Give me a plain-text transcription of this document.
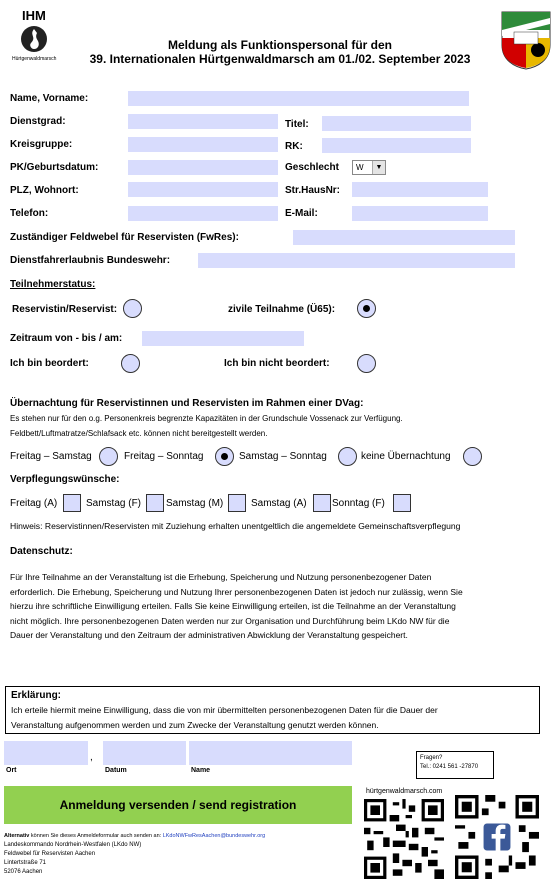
IHM
Hürtgenwaldmarsch
Meldung als Funktionspersonal für den
39. Internationalen Hürtgenwaldmarsch am 01./02. September 2023
Name, Vorname:
Dienstgrad:	Titel:
Kreisgruppe:	RK:
PK/Geburtsdatum:	Geschlecht W	▼
PLZ, Wohnort:	Str.HausNr:
Telefon:	E-Mail:
Zuständiger Feldwebel für Reservisten (FwRes):
Dienstfahrerlaubnis Bundeswehr:
Teilnehmerstatus:
Reservistin/Reservist:	zivile Teilnahme (Ü65):
Zeitraum von - bis / am:
Ich bin beordert:	Ich bin nicht beordert:
Übernachtung für Reservistinnen und Reservisten im Rahmen einer DVag:
Es stehen nur für den o.g. Personenkreis begrenzte Kapazitäten in der Grundschule Vossenack zur Verfügung.
Feldbett/Luftmatratze/Schlafsack etc. können nicht bereitgestellt werden.
Freitag – Samstag	Freitag – Sonntag	Samstag – Sonntag	keine Übernachtung
Verpflegungswünsche:
Freitag (A)	Samstag (F) Samstag (M)	Samstag (A)	Sonntag (F)
Hinweis: Reservistinnen/Reservisten mit Zuziehung erhalten unentgeltlich die angemeldete Gemeinschaftsverpflegung
Datenschutz:
Für Ihre Teilnahme an der Veranstaltung ist die Erhebung, Speicherung und Nutzung personenbezogener Daten
erforderlich. Die Erhebung, Speicherung und Nutzung Ihrer personenbezogenen Daten ist jedoch nur zulässig, wenn Sie
hierzu ihre schriftliche Einwilligung erteilen. Falls Sie keine Einwilligung erteilen, ist die Teilnahme an der Veranstaltung
nicht möglich. Ihre personenbezogenen Daten werden nur zur Organisation und Durchführung beim LKdo NW für die
Dauer der Veranstaltung und den Zeitraum der administrativen Abwicklung der Veranstaltung gespeichert.
Erklärung:
Ich erteile hiermit meine Einwilligung, dass die von mir übermittelten personenbezogenen Daten für die Dauer der
Veranstaltung aufgenommen werden und zum Zwecke der Veranstaltung genutzt werden können.
,
Ort	Datum	Name
Fragen?
Tel.: 0241 561 -27870
Anmeldung versenden / send registration
Alternativ können Sie dieses Anmeldeformular auch senden an: LKdoNWFwResAachen@bundeswehr.org
Landeskommando Nordrhein-Westfalen (LKdo NW)
Feldwebel für Reservisten Aachen
Lintertstraße 71
52076 Aachen
hürtgenwaldmarsch.com
